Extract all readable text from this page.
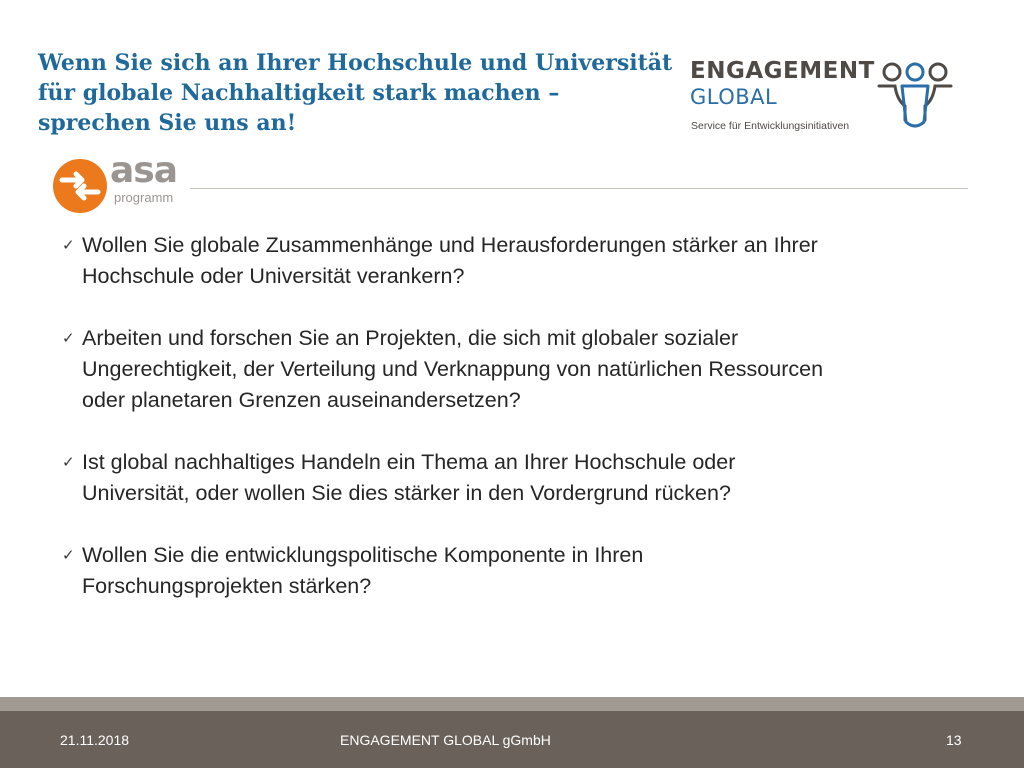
Wenn Sie sich an Ihrer Hochschule und Universität
für globale Nachhaltigkeit stark machen –
sprechen Sie uns an!
ENGAGEMENT
GLOBAL
Service für Entwicklungsinitiativen
asa
programm
✓ Wollen Sie globale Zusammenhänge und Herausforderungen stärker an Ihrer
Hochschule oder Universität verankern?
✓ Arbeiten und forschen Sie an Projekten, die sich mit globaler sozialer
Ungerechtigkeit, der Verteilung und Verknappung von natürlichen Ressourcen
oder planetaren Grenzen auseinandersetzen?
✓ Ist global nachhaltiges Handeln ein Thema an Ihrer Hochschule oder
Universität, oder wollen Sie dies stärker in den Vordergrund rücken?
✓ Wollen Sie die entwicklungspolitische Komponente in Ihren
Forschungsprojekten stärken?
21.11.2018	ENGAGEMENT GLOBAL gGmbH	13
